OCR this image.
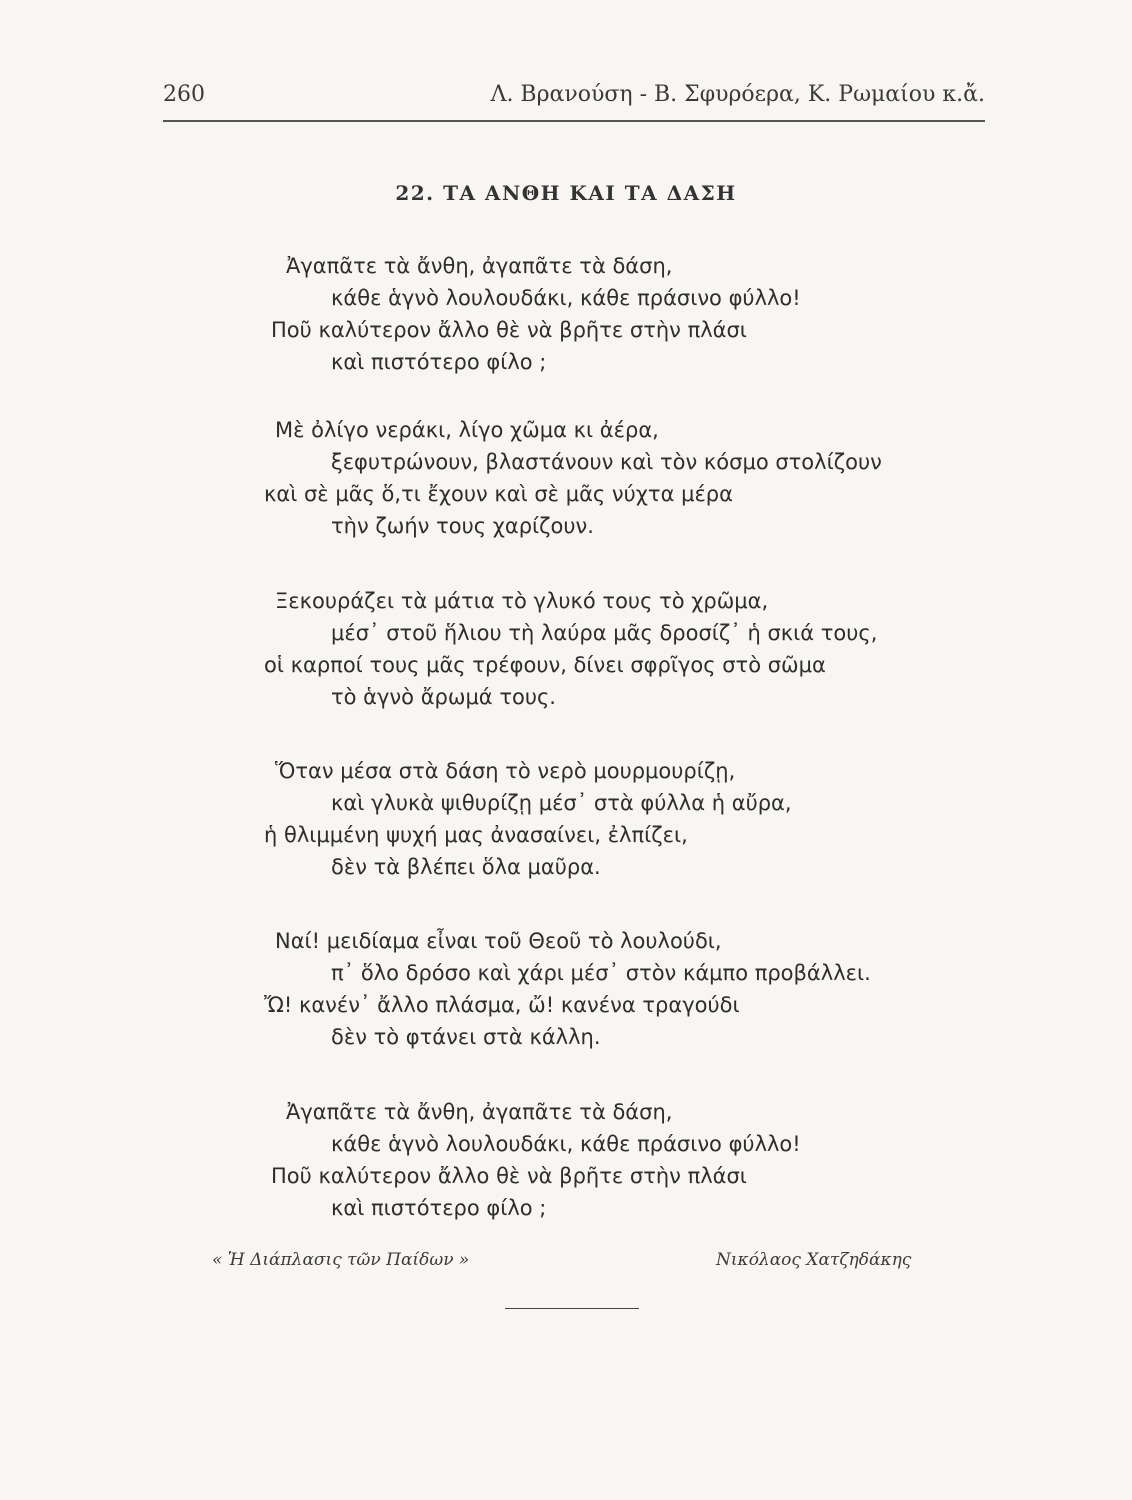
260	Λ. Βρανούση - Β. Σφυρόερα, Κ. Ρωμαίου κ.ἄ.
22. ΤΑ ΑΝΘΗ ΚΑΙ ΤΑ ΔΑΣΗ
Ἀγαπᾶτε τὰ ἄνθη, ἀγαπᾶτε τὰ δάση,
κάθε ἁγνὸ λουλουδάκι, κάθε πράσινο φύλλο!
Ποῦ καλύτερον ἄλλο θὲ νὰ βρῆτε στὴν πλάσι
καὶ πιστότερο φίλο ;
Μὲ ὀλίγο νεράκι, λίγο χῶμα κι ἀέρα,
ξεφυτρώνουν, βλαστάνουν καὶ τὸν κόσμο στολίζουν
καὶ σὲ μᾶς ὅ,τι ἔχουν καὶ σὲ μᾶς νύχτα μέρα
τὴν ζωήν τους χαρίζουν.
Ξεκουράζει τὰ μάτια τὸ γλυκό τους τὸ χρῶμα,
μέσ᾽ στοῦ ἥλιου τὴ λαύρα μᾶς δροσίζ᾽ ἡ σκιά τους,
οἱ καρποί τους μᾶς τρέφουν, δίνει σφρῖγος στὸ σῶμα
τὸ ἁγνὸ ἄρωμά τους.
Ὅταν μέσα στὰ δάση τὸ νερὸ μουρμουρίζῃ,
καὶ γλυκὰ ψιθυρίζῃ μέσ᾽ στὰ φύλλα ἡ αὔρα,
ἡ θλιμμένη ψυχή μας ἀνασαίνει, ἐλπίζει,
δὲν τὰ βλέπει ὅλα μαῦρα.
Ναί! μειδίαμα εἶναι τοῦ Θεοῦ τὸ λουλούδι,
π᾽ ὅλο δρόσο καὶ χάρι μέσ᾽ στὸν κάμπο προβάλλει.
Ὤ! κανέν᾽ ἄλλο πλάσμα, ὤ! κανένα τραγούδι
δὲν τὸ φτάνει στὰ κάλλη.
Ἀγαπᾶτε τὰ ἄνθη, ἀγαπᾶτε τὰ δάση,
κάθε ἁγνὸ λουλουδάκι, κάθε πράσινο φύλλο!
Ποῦ καλύτερον ἄλλο θὲ νὰ βρῆτε στὴν πλάσι
καὶ πιστότερο φίλο ;
« Ἡ Διάπλασις τῶν Παίδων »	Νικόλαος Χατζηδάκης
